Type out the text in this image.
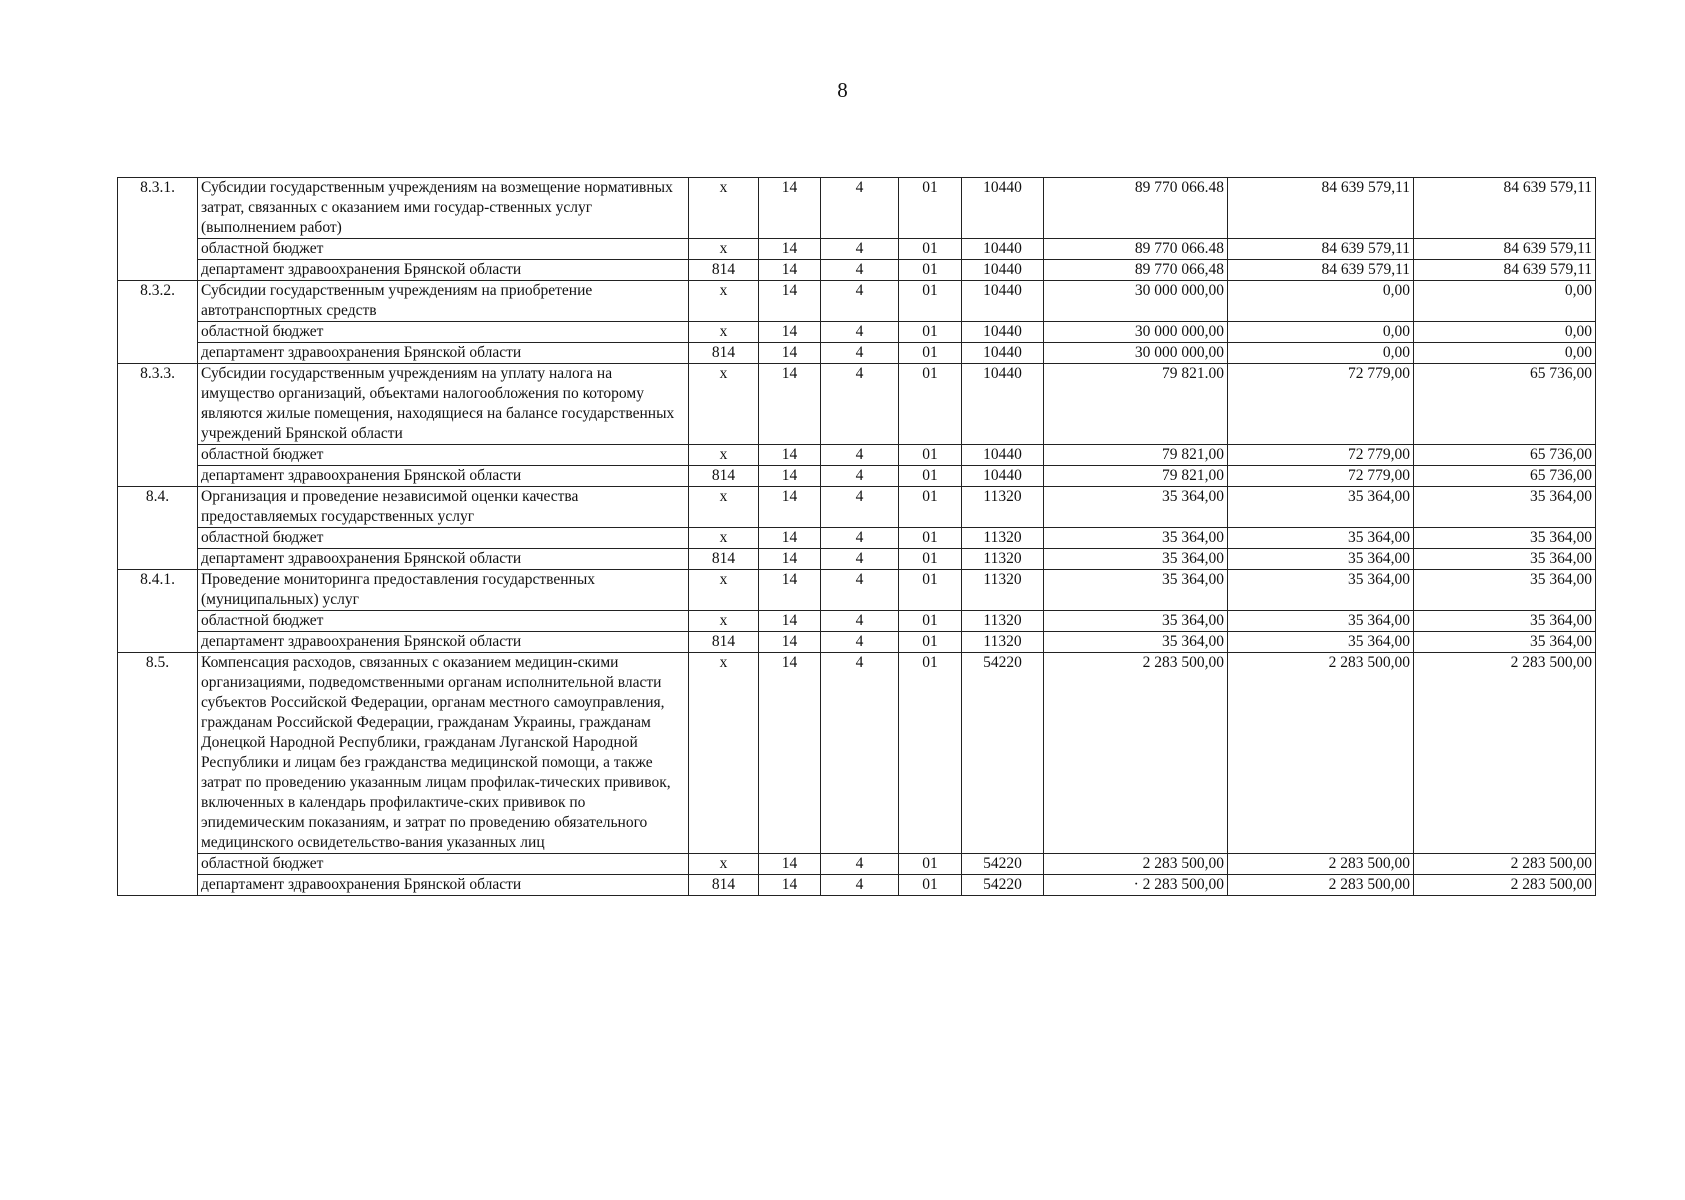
8
8.3.1.	Субсидии государственным учреждениям на возмещение нормативных затрат, связанных с оказанием ими государ-ственных услуг (выполнением работ)	x	14	4	01	10440	89 770 066.48	84 639 579,11	84 639 579,11
	областной бюджет	x	14	4	01	10440	89 770 066.48	84 639 579,11	84 639 579,11
	департамент здравоохранения Брянской области	814	14	4	01	10440	89 770 066,48	84 639 579,11	84 639 579,11
8.3.2.	Субсидии государственным учреждениям на приобретение автотранспортных средств	x	14	4	01	10440	30 000 000,00	0,00	0,00
	областной бюджет	x	14	4	01	10440	30 000 000,00	0,00	0,00
	департамент здравоохранения Брянской области	814	14	4	01	10440	30 000 000,00	0,00	0,00
8.3.3.	Субсидии государственным учреждениям на уплату налога на имущество организаций, объектами налогообложения по которому являются жилые помещения, находящиеся на балансе государственных учреждений Брянской области	x	14	4	01	10440	79 821.00	72 779,00	65 736,00
	областной бюджет	x	14	4	01	10440	79 821,00	72 779,00	65 736,00
	департамент здравоохранения Брянской области	814	14	4	01	10440	79 821,00	72 779,00	65 736,00
8.4.	Организация и проведение независимой оценки качества предоставляемых государственных услуг	x	14	4	01	11320	35 364,00	35 364,00	35 364,00
	областной бюджет	x	14	4	01	11320	35 364,00	35 364,00	35 364,00
	департамент здравоохранения Брянской области	814	14	4	01	11320	35 364,00	35 364,00	35 364,00
8.4.1.	Проведение мониторинга предоставления государственных (муниципальных) услуг	x	14	4	01	11320	35 364,00	35 364,00	35 364,00
	областной бюджет	x	14	4	01	11320	35 364,00	35 364,00	35 364,00
	департамент здравоохранения Брянской области	814	14	4	01	11320	35 364,00	35 364,00	35 364,00
8.5.	Компенсация расходов, связанных с оказанием медицин-скими организациями, подведомственными органам исполнительной власти субъектов Российской Федерации, органам местного самоуправления, гражданам Российской Федерации, гражданам Украины, гражданам Донецкой Народной Республики, гражданам Луганской Народной Республики и лицам без гражданства медицинской помощи, а также затрат по проведению указанным лицам профилак-тических прививок, включенных в календарь профилактиче-ских прививок по эпидемическим показаниям, и затрат по проведению обязательного медицинского освидетельство-вания указанных лиц	x	14	4	01	54220	2 283 500,00	2 283 500,00	2 283 500,00
	областной бюджет	x	14	4	01	54220	2 283 500,00	2 283 500,00	2 283 500,00
	департамент здравоохранения Брянской области	814	14	4	01	54220	· 2 283 500,00	2 283 500,00	2 283 500,00
